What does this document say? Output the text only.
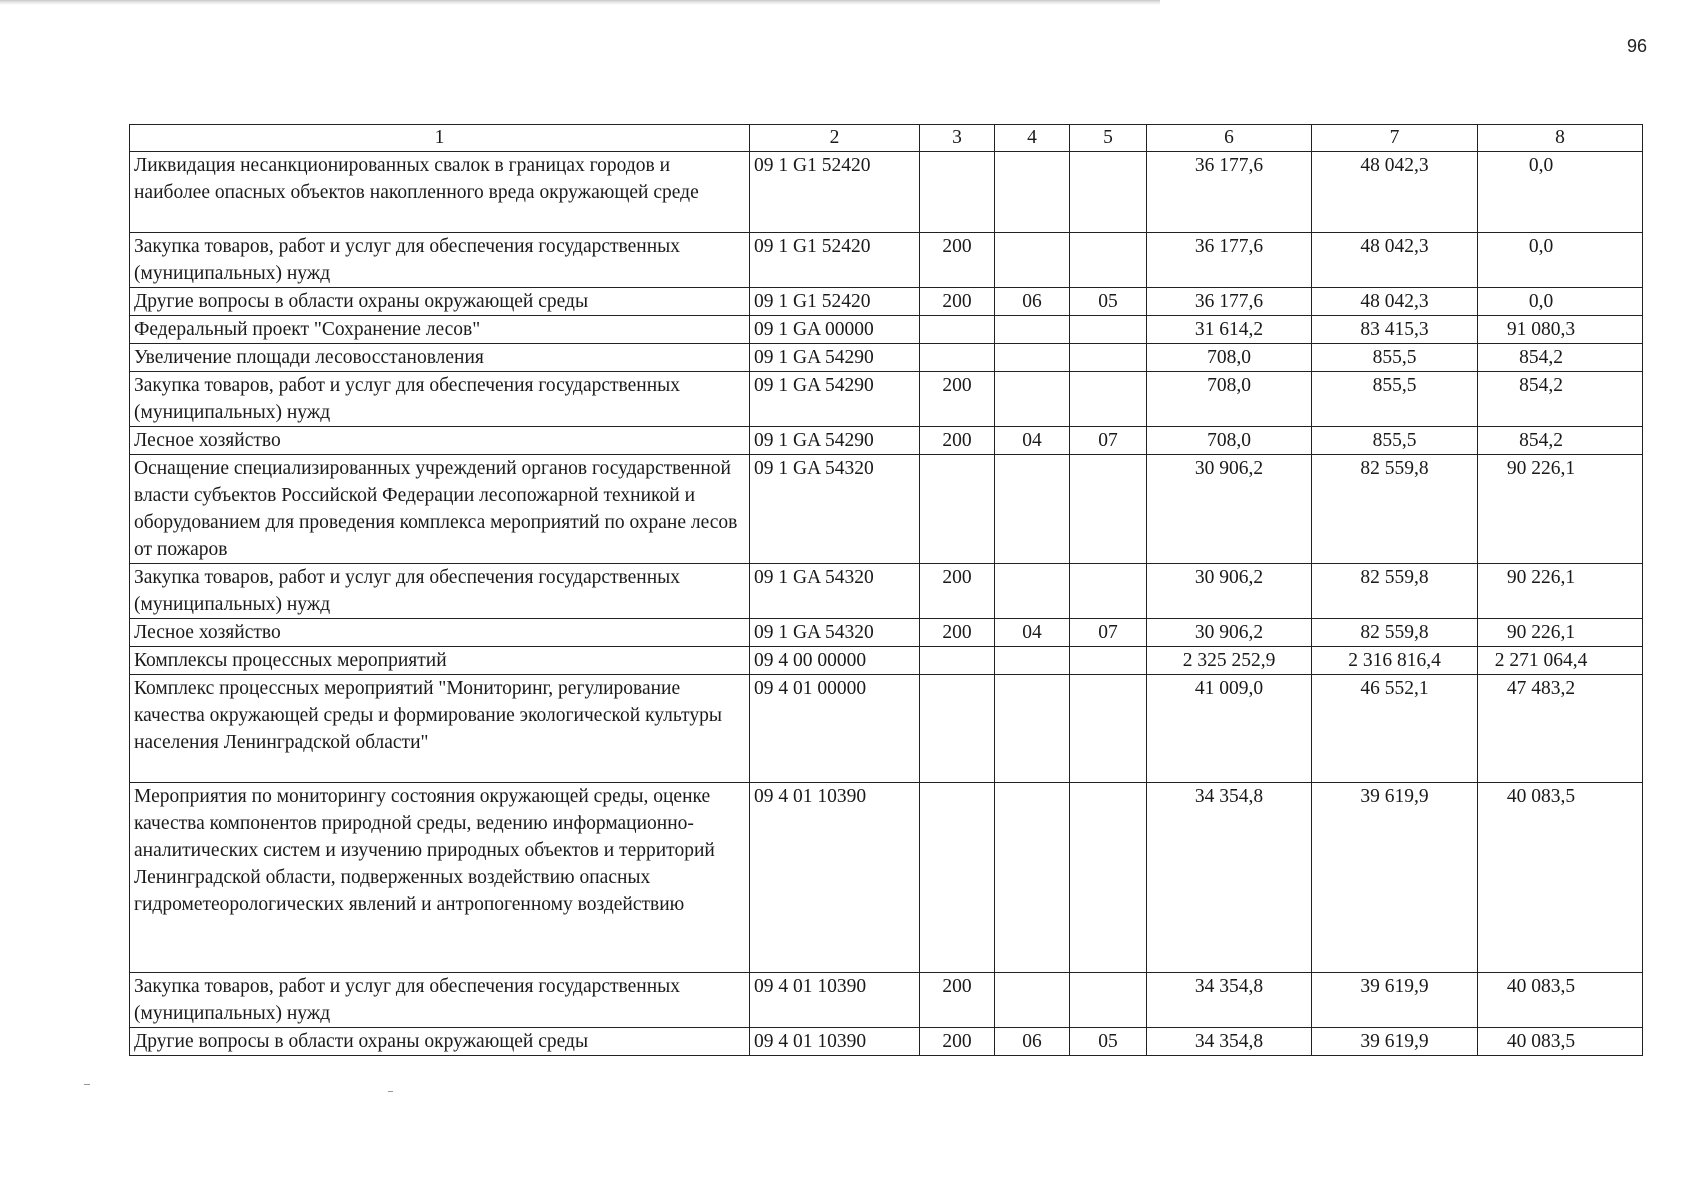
96
1	2	3	4	5	6	7	8
Ликвидация несанкционированных свалок в границах городов и наиболее опасных объектов накопленного вреда окружающей среде	09 1 G1 52420				36 177,6	48 042,3	0,0
Закупка товаров, работ и услуг для обеспечения государственных (муниципальных) нужд	09 1 G1 52420	200			36 177,6	48 042,3	0,0
Другие вопросы в области охраны окружающей среды	09 1 G1 52420	200	06	05	36 177,6	48 042,3	0,0
Федеральный проект "Сохранение лесов"	09 1 GA 00000				31 614,2	83 415,3	91 080,3
Увеличение площади лесовосстановления	09 1 GA 54290				708,0	855,5	854,2
Закупка товаров, работ и услуг для обеспечения государственных (муниципальных) нужд	09 1 GA 54290	200			708,0	855,5	854,2
Лесное хозяйство	09 1 GA 54290	200	04	07	708,0	855,5	854,2
Оснащение специализированных учреждений органов государственной власти субъектов Российской Федерации лесопожарной техникой и оборудованием для проведения комплекса мероприятий по охране лесов от пожаров	09 1 GA 54320				30 906,2	82 559,8	90 226,1
Закупка товаров, работ и услуг для обеспечения государственных (муниципальных) нужд	09 1 GA 54320	200			30 906,2	82 559,8	90 226,1
Лесное хозяйство	09 1 GA 54320	200	04	07	30 906,2	82 559,8	90 226,1
Комплексы процессных мероприятий	09 4 00 00000				2 325 252,9	2 316 816,4	2 271 064,4
Комплекс процессных мероприятий "Мониторинг, регулирование качества окружающей среды и формирование экологической культуры населения Ленинградской области"	09 4 01 00000				41 009,0	46 552,1	47 483,2
Мероприятия по мониторингу состояния окружающей среды, оценке качества компонентов природной среды, ведению информационно-аналитических систем и изучению природных объектов и территорий Ленинградской области, подверженных воздействию опасных гидрометеорологических явлений и антропогенному воздействию	09 4 01 10390				34 354,8	39 619,9	40 083,5
Закупка товаров, работ и услуг для обеспечения государственных (муниципальных) нужд	09 4 01 10390	200			34 354,8	39 619,9	40 083,5
Другие вопросы в области охраны окружающей среды	09 4 01 10390	200	06	05	34 354,8	39 619,9	40 083,5
